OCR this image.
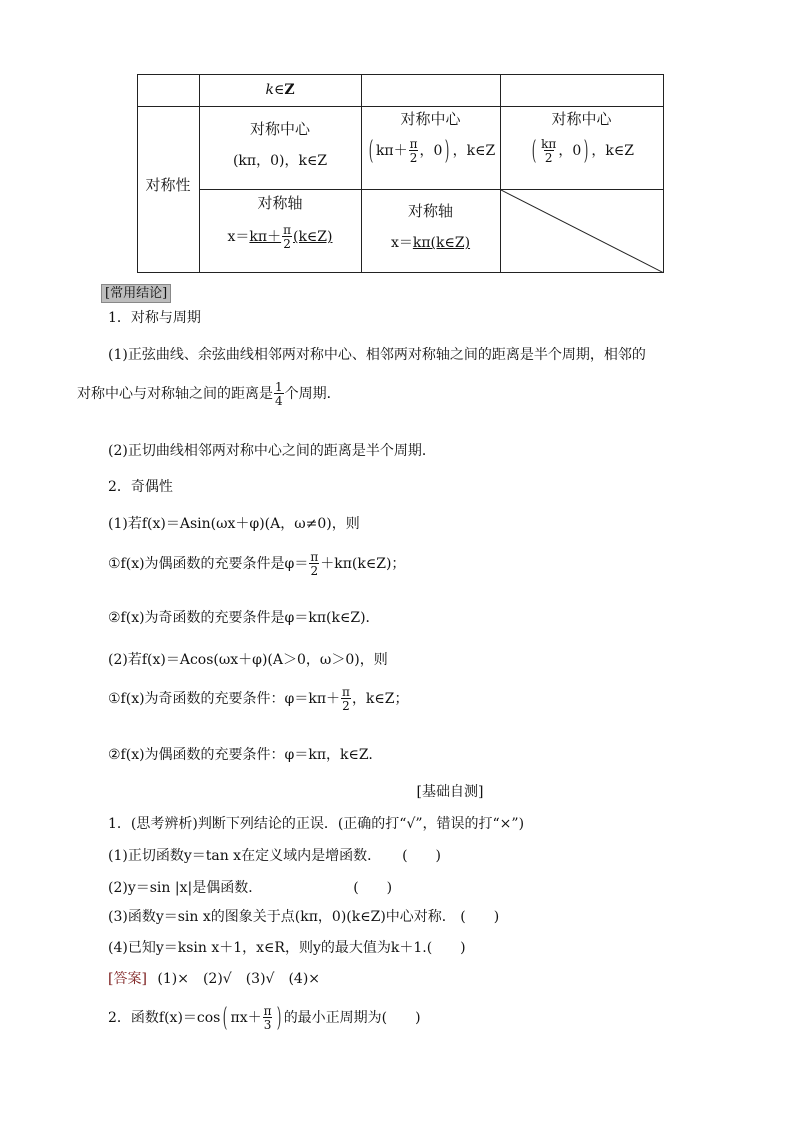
k∈Z
对称性
对称中心
(kπ，0)，k∈Z
对称中心
( $k\pi+ \frac{\pi}{2}$ ，0 ) ，k∈Z
对称中心
( $\frac{k\pi}{2}$ ，0 ) ，k∈Z
对称轴
$x=k\pi+ \frac{\pi}{2}$ (k∈Z)
对称轴
x＝kπ(k∈Z)
[常用结论]
1．对称与周期
(1)正弦曲线、余弦曲线相邻两对称中心、相邻两对称轴之间的距离是半个周期，相邻的
对称中心与对称轴之间的距离是 $\frac{1}{4}$ 个周期．
(2)正切曲线相邻两对称中心之间的距离是半个周期．
2．奇偶性
(1)若f(x)＝Asin(ωx＋φ)(A，ω≠0)，则
①f(x)为偶函数的充要条件是$\varphi= \frac{\pi}{2}$ ＋kπ(k∈Z)；
②f(x)为奇函数的充要条件是φ＝kπ(k∈Z)．
(2)若f(x)＝Acos(ωx＋φ)(A＞0，ω＞0)，则
①f(x)为奇函数的充要条件：$\varphi=k\pi+ \frac{\pi}{2}$ ，k∈Z；
②f(x)为偶函数的充要条件：φ＝kπ，k∈Z.
[基础自测]
1．(思考辨析)判断下列结论的正误．(正确的打“√”，错误的打“×”)
(1)正切函数y＝tan x在定义域内是增函数．　　(　　)
(2)y＝sin |x|是偶函数．　　　　　　　(　　)
(3)函数y＝sin x的图象关于点(kπ，0)(k∈Z)中心对称． (　　)
(4)已知y＝ksin x＋1，x∈R，则y的最大值为k＋1.(　　)
[答案] (1)×　(2)√　(3)√　(4)×
2．函数f(x)＝cos ( $\pi x+ \frac{\pi}{3}$ ) 的最小正周期为(　　)
